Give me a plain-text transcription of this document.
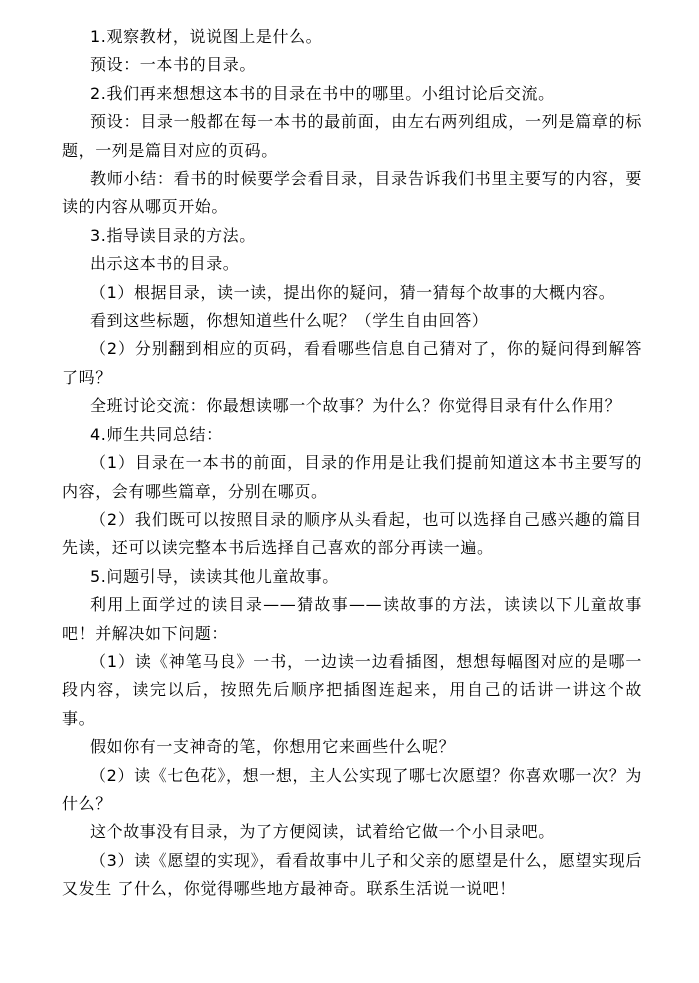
1.观察教材，说说图上是什么。

预设：一本书的目录。

2.我们再来想想这本书的目录在书中的哪里。小组讨论后交流。

预设：目录一般都在每一本书的最前面，由左右两列组成，一列是篇章的标题，一列是篇目对应的页码。

教师小结：看书的时候要学会看目录，目录告诉我们书里主要写的内容，要读的内容从哪页开始。

3.指导读目录的方法。

出示这本书的目录。

（1）根据目录，读一读，提出你的疑问，猜一猜每个故事的大概内容。

看到这些标题，你想知道些什么呢？（学生自由回答）

（2）分别翻到相应的页码，看看哪些信息自己猜对了，你的疑问得到解答了吗？

全班讨论交流：你最想读哪一个故事？为什么？你觉得目录有什么作用？

4.师生共同总结：

（1）目录在一本书的前面，目录的作用是让我们提前知道这本书主要写的内容，会有哪些篇章，分别在哪页。

（2）我们既可以按照目录的顺序从头看起，也可以选择自己感兴趣的篇目先读，还可以读完整本书后选择自己喜欢的部分再读一遍。

5.问题引导，读读其他儿童故事。

利用上面学过的读目录——猜故事——读故事的方法，读读以下儿童故事吧！并解决如下问题：

（1）读《神笔马良》一书，一边读一边看插图，想想每幅图对应的是哪一段内容，读完以后，按照先后顺序把插图连起来，用自己的话讲一讲这个故事。

假如你有一支神奇的笔，你想用它来画些什么呢？

（2）读《七色花》，想一想，主人公实现了哪七次愿望？你喜欢哪一次？为什么？

这个故事没有目录，为了方便阅读，试着给它做一个小目录吧。

（3）读《愿望的实现》，看看故事中儿子和父亲的愿望是什么，愿望实现后又发生 了什么，你觉得哪些地方最神奇。联系生活说一说吧！
